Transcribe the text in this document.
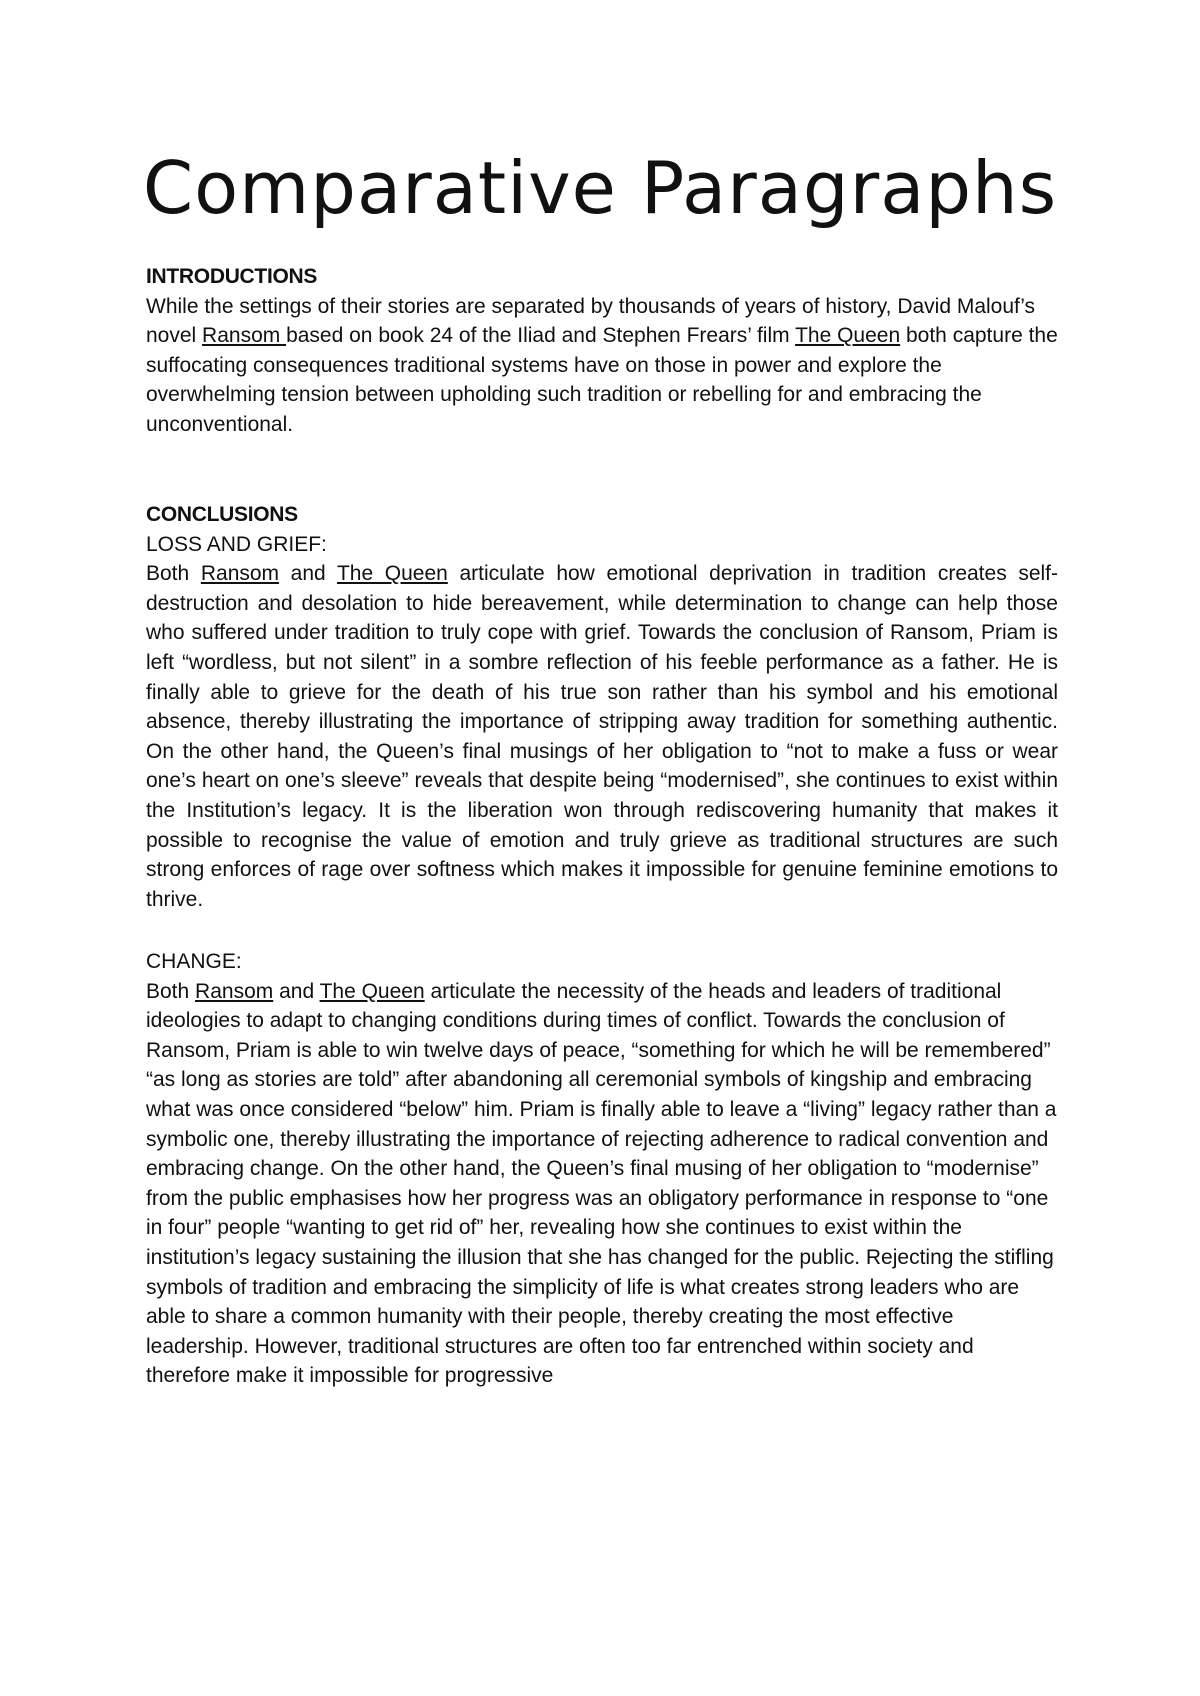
Comparative Paragraphs
INTRODUCTIONS
While the settings of their stories are separated by thousands of years of history, David Malouf’s novel Ransom based on book 24 of the Iliad and Stephen Frears’ film The Queen both capture the suffocating consequences traditional systems have on those in power and explore the overwhelming tension between upholding such tradition or rebelling for and embracing the unconventional.
CONCLUSIONS
LOSS AND GRIEF:
Both Ransom and The Queen articulate how emotional deprivation in tradition creates self-destruction and desolation to hide bereavement, while determination to change can help those who suffered under tradition to truly cope with grief. Towards the conclusion of Ransom, Priam is left “wordless, but not silent” in a sombre reflection of his feeble performance as a father. He is finally able to grieve for the death of his true son rather than his symbol and his emotional absence, thereby illustrating the importance of stripping away tradition for something authentic. On the other hand, the Queen’s final musings of her obligation to “not to make a fuss or wear one’s heart on one’s sleeve” reveals that despite being “modernised”, she continues to exist within the Institution’s legacy. It is the liberation won through rediscovering humanity that makes it possible to recognise the value of emotion and truly grieve as traditional structures are such strong enforces of rage over softness which makes it impossible for genuine feminine emotions to thrive.
CHANGE:
Both Ransom and The Queen articulate the necessity of the heads and leaders of traditional ideologies to adapt to changing conditions during times of conflict. Towards the conclusion of Ransom, Priam is able to win twelve days of peace, “something for which he will be remembered” “as long as stories are told” after abandoning all ceremonial symbols of kingship and embracing what was once considered “below” him. Priam is finally able to leave a “living” legacy rather than a symbolic one, thereby illustrating the importance of rejecting adherence to radical convention and embracing change. On the other hand, the Queen’s final musing of her obligation to “modernise” from the public emphasises how her progress was an obligatory performance in response to “one in four” people “wanting to get rid of” her, revealing how she continues to exist within the institution’s legacy sustaining the illusion that she has changed for the public. Rejecting the stifling symbols of tradition and embracing the simplicity of life is what creates strong leaders who are able to share a common humanity with their people, thereby creating the most effective leadership. However, traditional structures are often too far entrenched within society and therefore make it impossible for progressive
